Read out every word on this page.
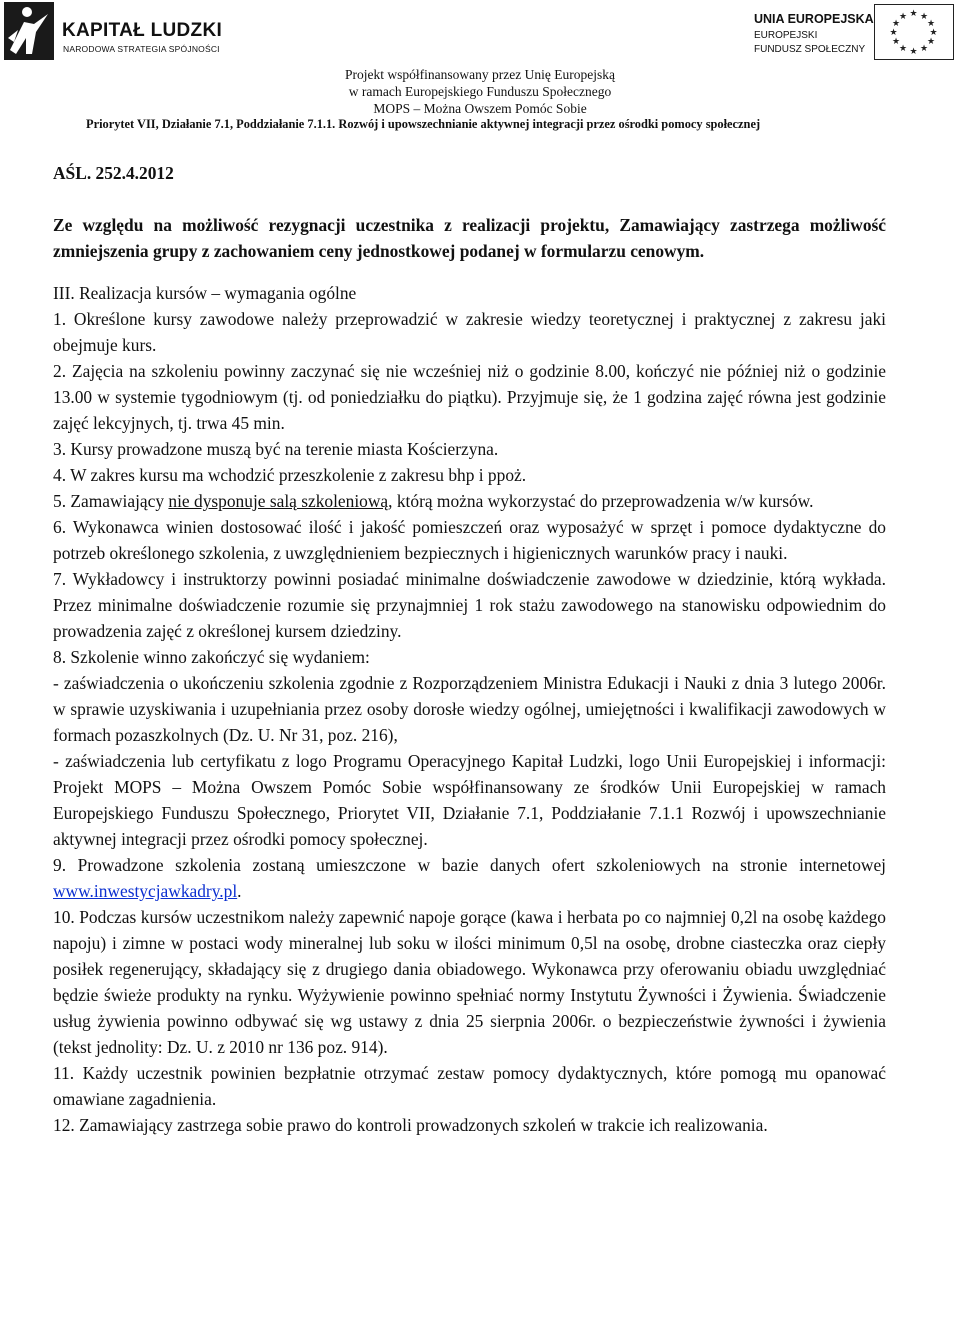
KAPITAŁ LUDZKI
NARODOWA STRATEGIA SPÓJNOŚCI
UNIA EUROPEJSKA
EUROPEJSKI
FUNDUSZ SPOŁECZNY
★ ★
★
★
★
★
★
★
★
★
★
★
Projekt współfinansowany przez Unię Europejską
w ramach Europejskiego Funduszu Społecznego
MOPS – Można Owszem Pomóc Sobie
Priorytet VII, Działanie 7.1, Poddziałanie 7.1.1. Rozwój i upowszechnianie aktywnej integracji przez ośrodki pomocy społecznej

AŚL. 252.4.2012

Ze względu na możliwość rezygnacji uczestnika z realizacji projektu, Zamawiający zastrzega możliwość zmniejszenia grupy z zachowaniem ceny jednostkowej podanej w formularzu cenowym.

III. Realizacja kursów – wymagania ogólne

1. Określone kursy zawodowe należy przeprowadzić w zakresie wiedzy teoretycznej i praktycznej z zakresu jaki obejmuje kurs.

2. Zajęcia na szkoleniu powinny zaczynać się nie wcześniej niż o godzinie 8.00, kończyć nie później niż o godzinie 13.00 w systemie tygodniowym (tj. od poniedziałku do piątku). Przyjmuje się, że 1 godzina zajęć równa jest godzinie zajęć lekcyjnych, tj. trwa 45 min.

3. Kursy prowadzone muszą być na terenie miasta Kościerzyna.

4. W zakres kursu ma wchodzić przeszkolenie z zakresu bhp i ppoż.

5. Zamawiający nie dysponuje salą szkoleniową, którą można wykorzystać do przeprowadzenia w/w kursów.

6. Wykonawca winien dostosować ilość i jakość pomieszczeń oraz wyposażyć w sprzęt i pomoce dydaktyczne do potrzeb określonego szkolenia, z uwzględnieniem bezpiecznych i higienicznych warunków pracy i nauki.

7. Wykładowcy i instruktorzy powinni posiadać minimalne doświadczenie zawodowe w dziedzinie, którą wykłada. Przez minimalne doświadczenie rozumie się przynajmniej 1 rok stażu zawodowego na stanowisku odpowiednim do prowadzenia zajęć z określonej kursem dziedziny.

8. Szkolenie winno zakończyć się wydaniem:

- zaświadczenia o ukończeniu szkolenia zgodnie z Rozporządzeniem Ministra Edukacji i Nauki z dnia 3 lutego 2006r. w sprawie uzyskiwania i uzupełniania przez osoby dorosłe wiedzy ogólnej, umiejętności i kwalifikacji zawodowych w formach pozaszkolnych (Dz. U. Nr 31, poz. 216),

- zaświadczenia lub certyfikatu z logo Programu Operacyjnego Kapitał Ludzki, logo Unii Europejskiej i informacji: Projekt MOPS – Można Owszem Pomóc Sobie współfinansowany ze środków Unii Europejskiej w ramach Europejskiego Funduszu Społecznego, Priorytet VII, Działanie 7.1, Poddziałanie 7.1.1 Rozwój i upowszechnianie aktywnej integracji przez ośrodki pomocy społecznej.

9. Prowadzone szkolenia zostaną umieszczone w bazie danych ofert szkoleniowych na stronie internetowej www.inwestycjawkadry.pl.

10. Podczas kursów uczestnikom należy zapewnić napoje gorące (kawa i herbata po co najmniej 0,2l na osobę każdego napoju) i zimne w postaci wody mineralnej lub soku w ilości minimum 0,5l na osobę, drobne ciasteczka oraz ciepły posiłek regenerujący, składający się z drugiego dania obiadowego. Wykonawca przy oferowaniu obiadu uwzględniać będzie świeże produkty na rynku. Wyżywienie powinno spełniać normy Instytutu Żywności i Żywienia. Świadczenie usług żywienia powinno odbywać się wg ustawy z dnia 25 sierpnia 2006r. o bezpieczeństwie żywności i żywienia (tekst jednolity: Dz. U. z 2010 nr 136 poz. 914).

11. Każdy uczestnik powinien bezpłatnie otrzymać zestaw pomocy dydaktycznych, które pomogą mu opanować omawiane zagadnienia.

12. Zamawiający zastrzega sobie prawo do kontroli prowadzonych szkoleń w trakcie ich realizowania.
